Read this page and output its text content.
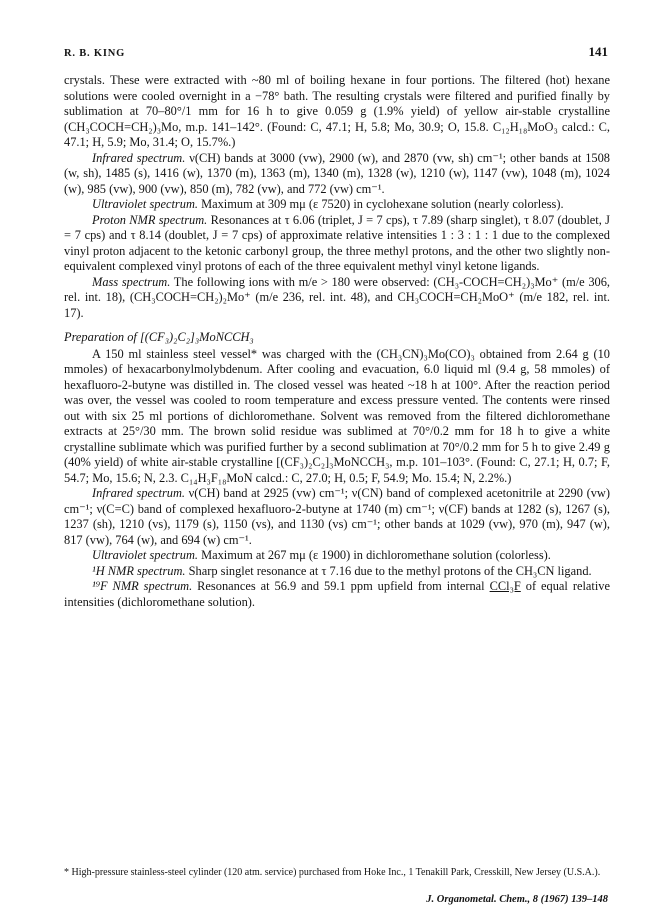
R. B. KING	141

crystals. These were extracted with ~80 ml of boiling hexane in four portions. The filtered (hot) hexane solutions were cooled overnight in a −78° bath. The resulting crystals were filtered and purified finally by sublimation at 70–80°/1 mm for 16 h to give 0.059 g (1.9% yield) of yellow air-stable crystalline (CH₃COCH=CH₂)₃Mo, m.p. 141–142°. (Found: C, 47.1; H, 5.8; Mo, 30.9; O, 15.8. C₁₂H₁₈MoO₃ calcd.: C, 47.1; H, 5.9; Mo, 31.4; O, 15.7%.)

Infrared spectrum. ν(CH) bands at 3000 (vw), 2900 (w), and 2870 (vw, sh) cm⁻¹; other bands at 1508 (w, sh), 1485 (s), 1416 (w), 1370 (m), 1363 (m), 1340 (m), 1328 (w), 1210 (w), 1147 (vw), 1048 (m), 1024 (w), 985 (vw), 900 (vw), 850 (m), 782 (vw), and 772 (vw) cm⁻¹.

Ultraviolet spectrum. Maximum at 309 mμ (ε 7520) in cyclohexane solution (nearly colorless).

Proton NMR spectrum. Resonances at τ 6.06 (triplet, J = 7 cps), τ 7.89 (sharp singlet), τ 8.07 (doublet, J = 7 cps) and τ 8.14 (doublet, J = 7 cps) of approximate relative intensities 1 : 3 : 1 : 1 due to the complexed vinyl proton adjacent to the ketonic carbonyl group, the three methyl protons, and the other two slightly non-equivalent complexed vinyl protons of each of the three equivalent methyl vinyl ketone ligands.

Mass spectrum. The following ions with m/e > 180 were observed: (CH₃-COCH=CH₂)₃Mo⁺ (m/e 306, rel. int. 18), (CH₃COCH=CH₂)₂Mo⁺ (m/e 236, rel. int. 48), and CH₃COCH=CH₂MoO⁺ (m/e 182, rel. int. 17).

Preparation of [(CF₃)₂C₂]₃MoNCCH₃

A 150 ml stainless steel vessel* was charged with the (CH₃CN)₃Mo(CO)₃ obtained from 2.64 g (10 mmoles) of hexacarbonylmolybdenum. After cooling and evacuation, 6.0 liquid ml (9.4 g, 58 mmoles) of hexafluoro-2-butyne was distilled in. The closed vessel was heated ~18 h at 100°. After the reaction period was over, the vessel was cooled to room temperature and excess pressure vented. The contents were rinsed out with six 25 ml portions of dichloromethane. Solvent was removed from the filtered dichloromethane extracts at 25°/30 mm. The brown solid residue was sublimed at 70°/0.2 mm for 18 h to give a white crystalline sublimate which was purified further by a second sublimation at 70°/0.2 mm for 5 h to give 2.49 g (40% yield) of white air-stable crystalline [(CF₃)₂C₂]₃MoNCCH₃, m.p. 101–103°. (Found: C, 27.1; H, 0.7; F, 54.7; Mo, 15.6; N, 2.3. C₁₄H₃F₁₈MoN calcd.: C, 27.0; H, 0.5; F, 54.9; Mo. 15.4; N, 2.2%.)

Infrared spectrum. ν(CH) band at 2925 (vw) cm⁻¹; ν(CN) band of complexed acetonitrile at 2290 (vw) cm⁻¹; ν(C=C) band of complexed hexafluoro-2-butyne at 1740 (m) cm⁻¹; ν(CF) bands at 1282 (s), 1267 (s), 1237 (sh), 1210 (vs), 1179 (s), 1150 (vs), and 1130 (vs) cm⁻¹; other bands at 1029 (vw), 970 (m), 947 (w), 817 (vw), 764 (w), and 694 (w) cm⁻¹.

Ultraviolet spectrum. Maximum at 267 mμ (ε 1900) in dichloromethane solution (colorless).

¹H NMR spectrum. Sharp singlet resonance at τ 7.16 due to the methyl protons of the CH₃CN ligand.

¹⁹F NMR spectrum. Resonances at 56.9 and 59.1 ppm upfield from internal CCl₃F of equal relative intensities (dichloromethane solution).

* High-pressure stainless-steel cylinder (120 atm. service) purchased from Hoke Inc., 1 Tenakill Park, Cresskill, New Jersey (U.S.A.).
J. Organometal. Chem., 8 (1967) 139–148
